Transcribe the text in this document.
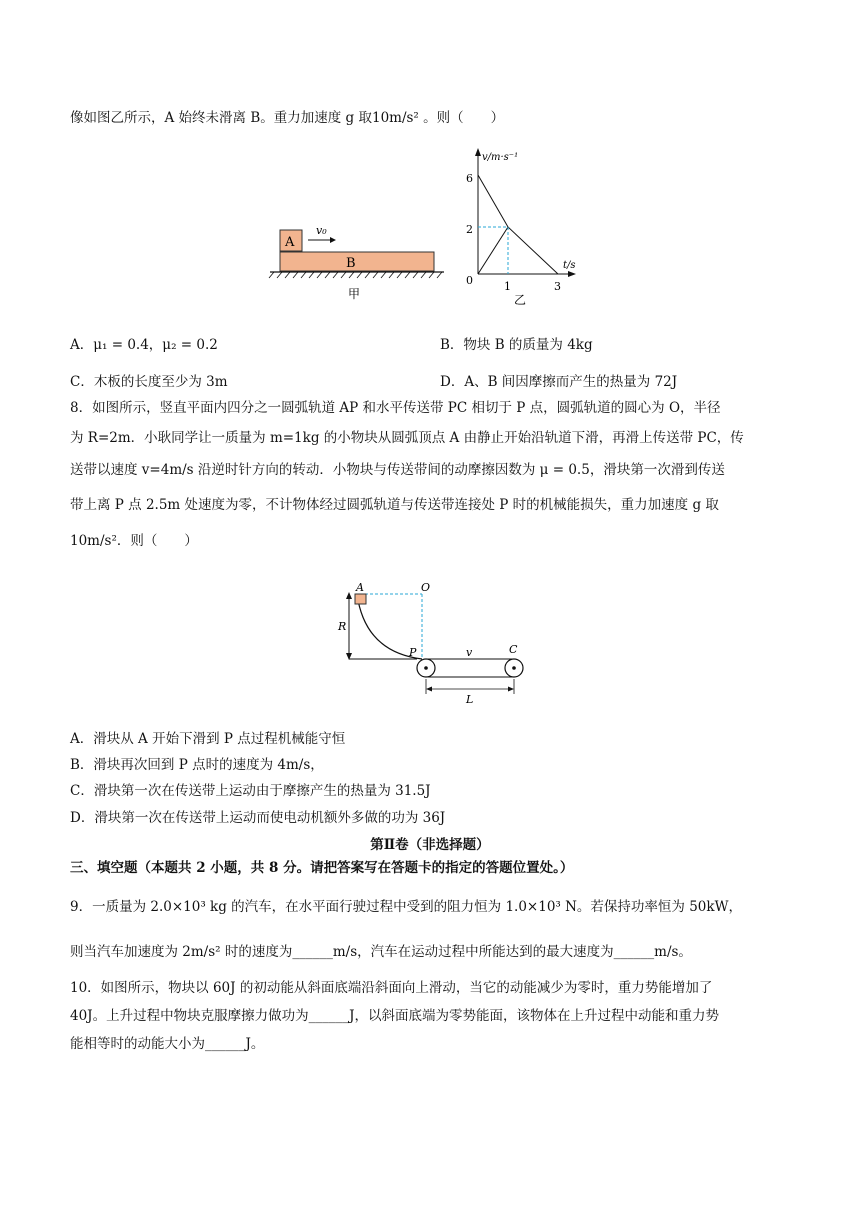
像如图乙所示，A 始终未滑离 B。重力加速度 g 取10m/s² 。则（　　）
A
v₀
B
甲
v/m·s⁻¹
t/s
6
2
0	1	3
乙
A．μ₁ = 0.4，μ₂ = 0.2	B．物块 B 的质量为 4kg
C．木板的长度至少为 3m	D．A、B 间因摩擦而产生的热量为 72J
8．如图所示，竖直平面内四分之一圆弧轨道 AP 和水平传送带 PC 相切于 P 点，圆弧轨道的圆心为 O，半径
为 R=2m．小耿同学让一质量为 m=1kg 的小物块从圆弧顶点 A 由静止开始沿轨道下滑，再滑上传送带 PC，传
送带以速度 v=4m/s 沿逆时针方向的转动．小物块与传送带间的动摩擦因数为 μ = 0.5，滑块第一次滑到传送
带上离 P 点 2.5m 处速度为零，不计物体经过圆弧轨道与传送带连接处 P 时的机械能损失，重力加速度 g 取
10m/s²．则（　　）
R
A	O
P	v	C
L
A．滑块从 A 开始下滑到 P 点过程机械能守恒
B．滑块再次回到 P 点时的速度为 4m/s，
C．滑块第一次在传送带上运动由于摩擦产生的热量为 31.5J
D．滑块第一次在传送带上运动而使电动机额外多做的功为 36J
第Ⅱ卷（非选择题）
三、填空题（本题共 2 小题，共 8 分。请把答案写在答题卡的指定的答题位置处。）
9．一质量为 2.0×10³ kg 的汽车，在水平面行驶过程中受到的阻力恒为 1.0×10³ N。若保持功率恒为 50kW，
则当汽车加速度为 2m/s² 时的速度为______m/s，汽车在运动过程中所能达到的最大速度为______m/s。
10．如图所示，物块以 60J 的初动能从斜面底端沿斜面向上滑动，当它的动能减少为零时，重力势能增加了
40J。上升过程中物块克服摩擦力做功为______J，以斜面底端为零势能面，该物体在上升过程中动能和重力势
能相等时的动能大小为______J。
